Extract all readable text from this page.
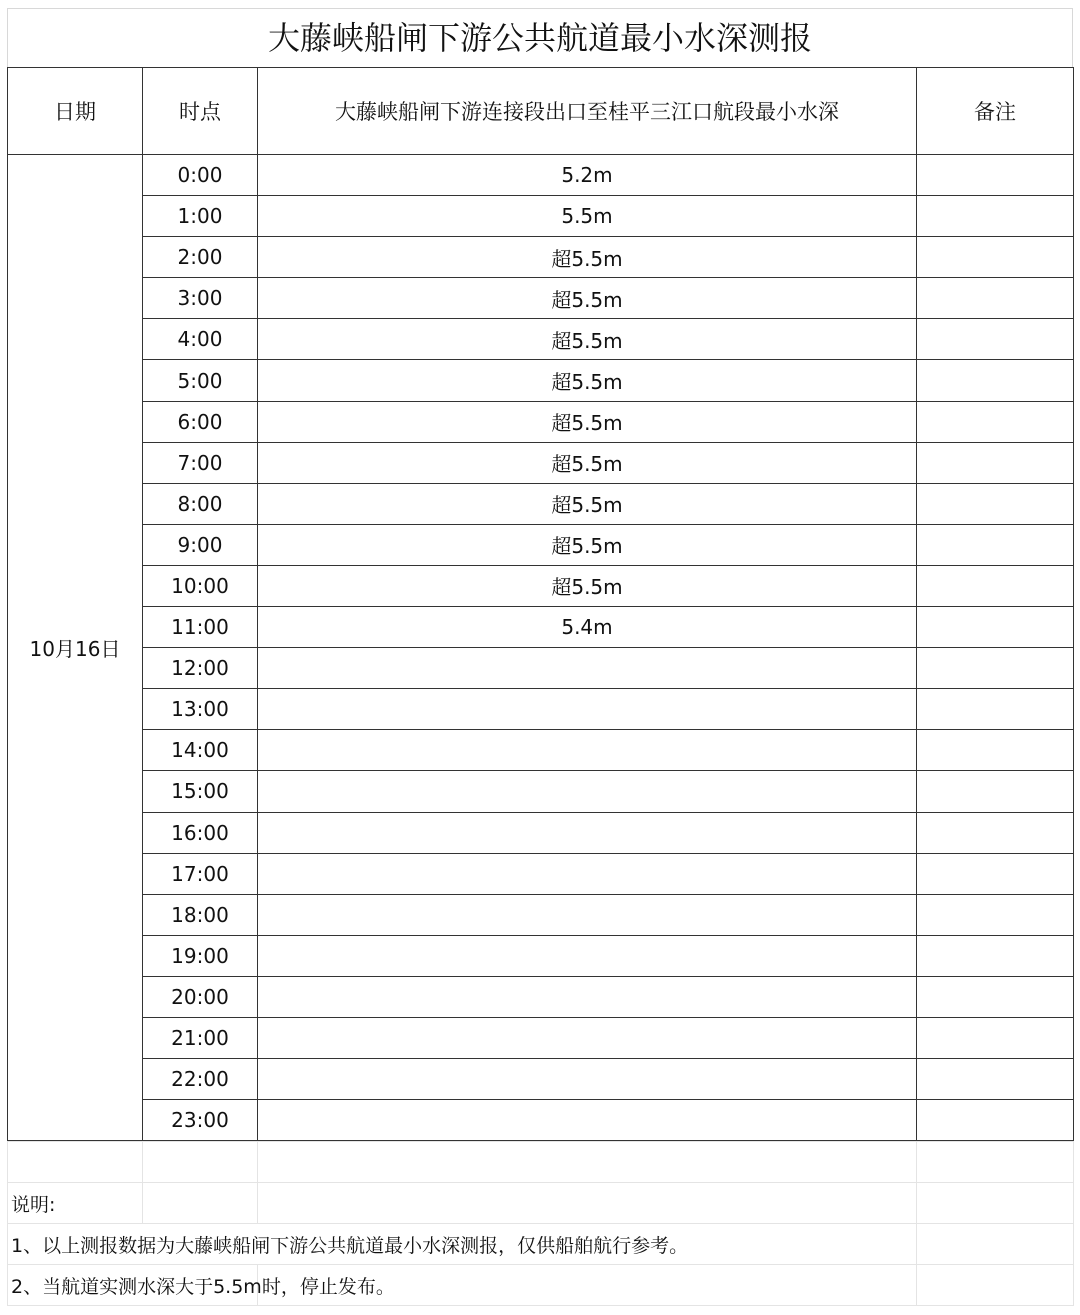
大藤峡船闸下游公共航道最小水深测报
日期	时点	大藤峡船闸下游连接段出口至桂平三江口航段最小水深	备注
10月16日	0:00	5.2m	
	1:00	5.5m	
	2:00	超5.5m	
	3:00	超5.5m	
	4:00	超5.5m	
	5:00	超5.5m	
	6:00	超5.5m	
	7:00	超5.5m	
	8:00	超5.5m	
	9:00	超5.5m	
	10:00	超5.5m	
	11:00	5.4m	
	12:00		
	13:00		
	14:00		
	15:00		
	16:00		
	17:00		
	18:00		
	19:00		
	20:00		
	21:00		
	22:00		
	23:00		

说明:			
1、以上测报数据为大藤峡船闸下游公共航道最小水深测报，仅供船舶航行参考。			
2、当航道实测水深大于5.5m时，停止发布。			
